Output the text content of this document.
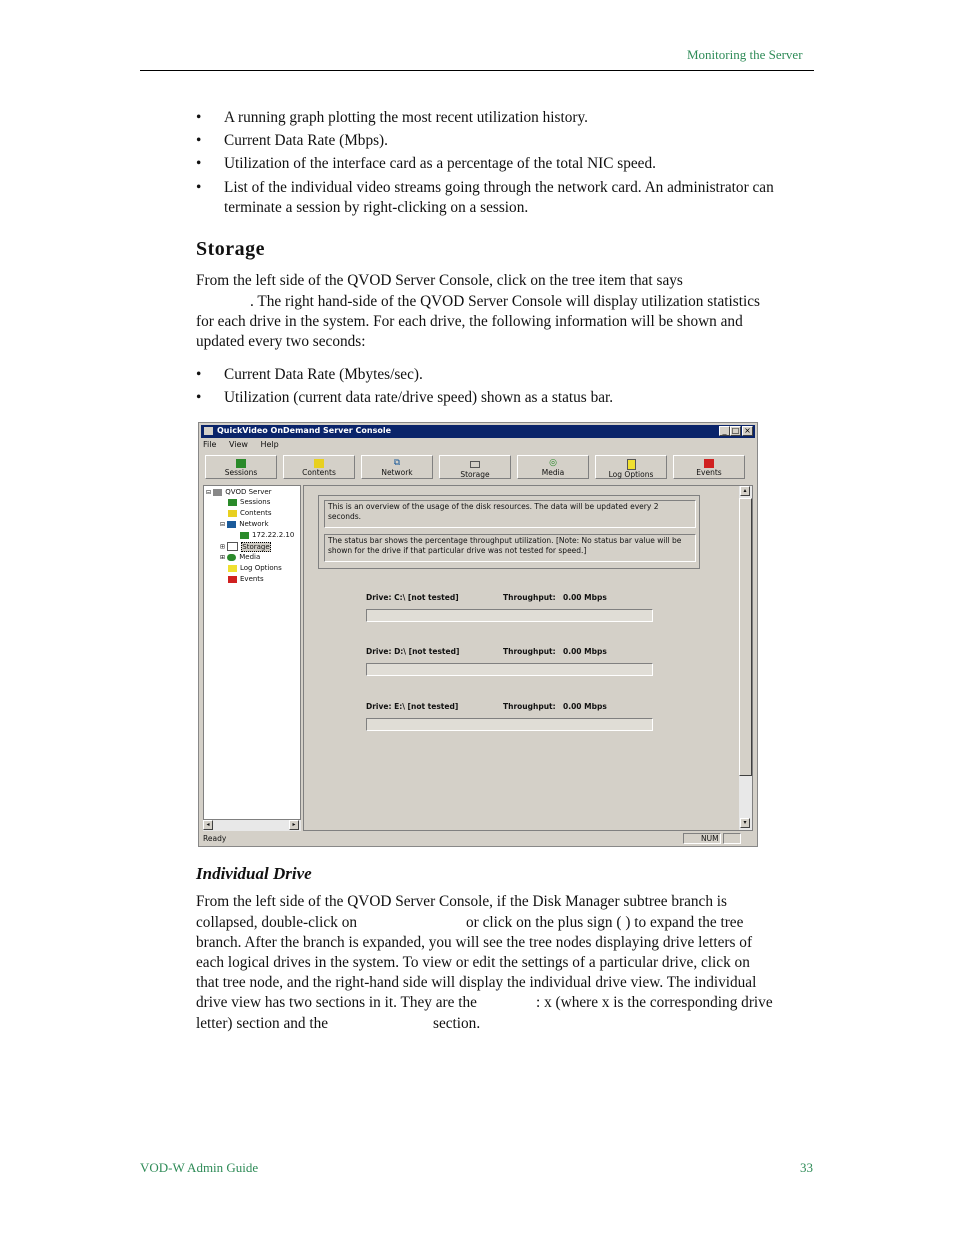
Monitoring the Server
• A running graph plotting the most recent utilization history.
• Current Data Rate (Mbps).
• Utilization of the interface card as a percentage of the total NIC speed.
• List of the individual video streams going through the network card. An administrator can terminate a session by right-clicking on a session.
Storage
From the left side of the QVOD Server Console, click on the tree item that says
. The right hand-side of the QVOD Server Console will display utilization statistics
for each drive in the system. For each drive, the following information will be shown and
updated every two seconds:
• Current Data Rate (Mbytes/sec).
• Utilization (current data rate/drive speed) shown as a status bar.
QuickVideo OnDemand Server Console	_ □ ×
File View Help
Sessions	Contents
⧉
Network	Storage
◎
Media	Log Options	Events
⊟ QVOD Server
Sessions
Contents
⊟ Network
172.22.2.10
⊞ Storage
⊞ Media
Log Options
Events
◂	▸
▴
▾
This is an overview of the usage of the disk resources. The data will be updated every 2 seconds.
The status bar shows the percentage throughput utilization. [Note: No status bar value will be shown for the drive if that particular drive was not tested for speed.]
Drive: C:\ [not tested]	Throughput: 0.00 Mbps
Drive: D:\ [not tested]	Throughput: 0.00 Mbps
Drive: E:\ [not tested]	Throughput: 0.00 Mbps
Ready	NUM
Individual Drive
From the left side of the QVOD Server Console, if the Disk Manager subtree branch is
collapsed, double-click on	or click on the plus sign ( ) to expand the tree
branch. After the branch is expanded, you will see the tree nodes displaying drive letters of
each logical drives in the system. To view or edit the settings of a particular drive, click on
that tree node, and the right-hand side will display the individual drive view. The individual
drive view has two sections in it. They are the	: x (where x is the corresponding drive
letter) section and the	section.
VOD-W Admin Guide	33
